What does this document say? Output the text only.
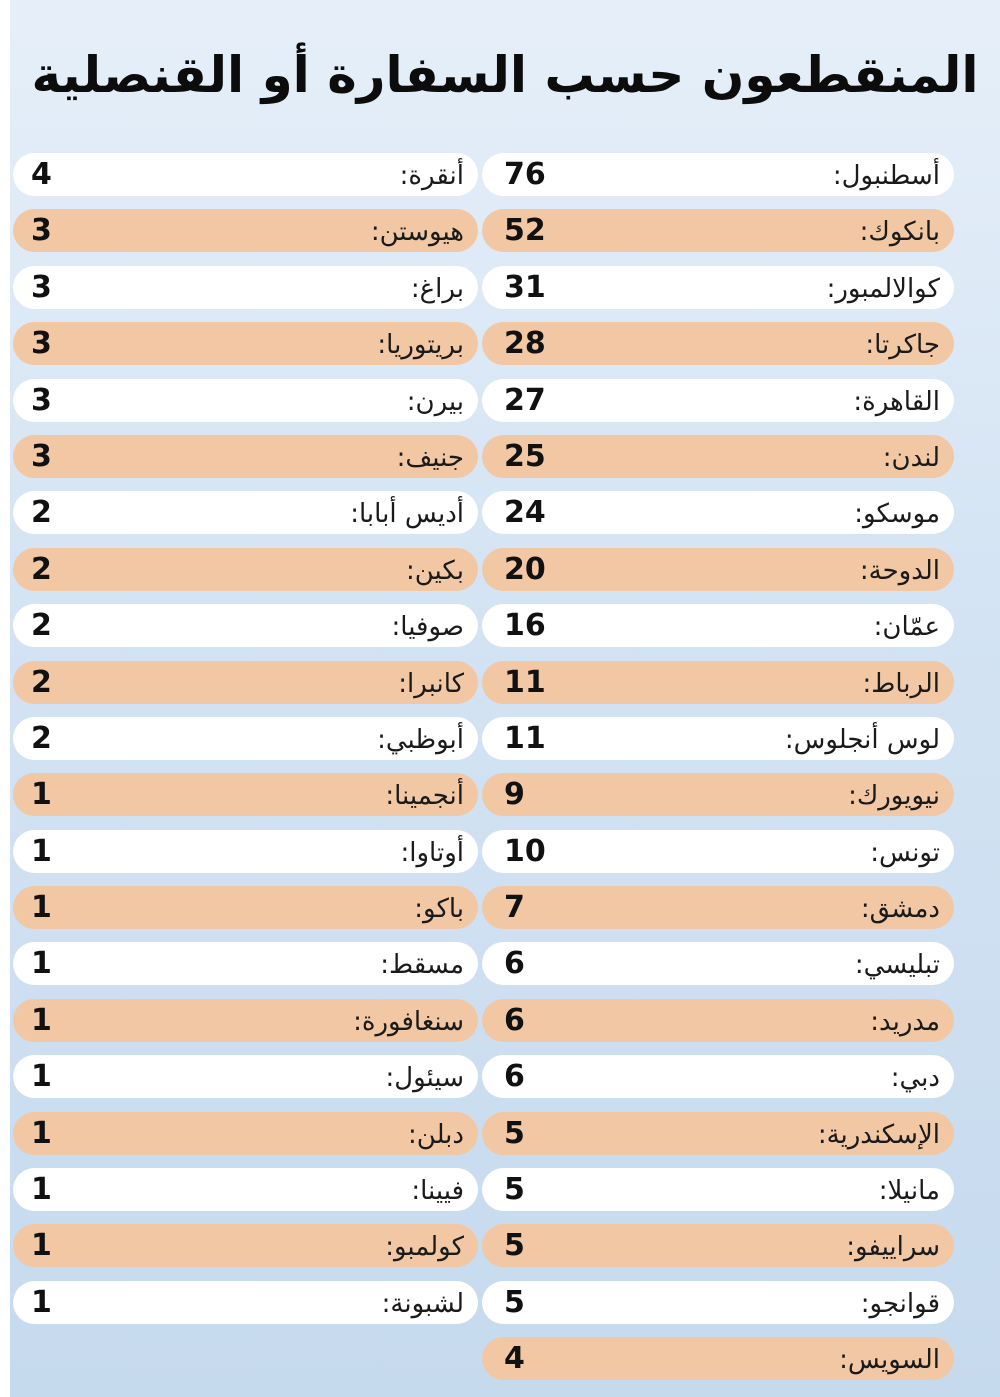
المنقطعون حسب السفارة أو القنصلية
4	أنقرة:
3	هيوستن:
3	براغ:
3	بريتوريا:
3	بيرن:
3	جنيف:
2	أديس أبابا:
2	بكين:
2	صوفيا:
2	كانبرا:
2	أبوظبي:
1	أنجمينا:
1	أوتاوا:
1	باكو:
1	مسقط:
1	سنغافورة:
1	سيئول:
1	دبلن:
1	فيينا:
1	كولمبو:
1	لشبونة:
76	أسطنبول:
52	بانكوك:
31	كوالالمبور:
28	جاكرتا:
27	القاهرة:
25	لندن:
24	موسكو:
20	الدوحة:
16	عمّان:
11	الرباط:
11	لوس أنجلوس:
9	نيويورك:
10	تونس:
7	دمشق:
6	تبليسي:
6	مدريد:
6	دبي:
5	الإسكندرية:
5	مانيلا:
5	سراييفو:
5	قوانجو:
4	السويس:
